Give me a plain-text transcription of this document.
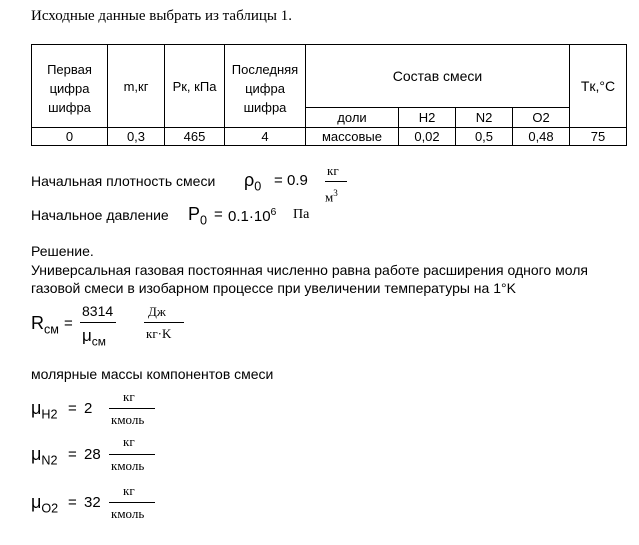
Исходные данные выбрать из таблицы 1.
Первая цифра шифра	m,кг	Pк, кПа	Последняя цифра шифра	Состав смеси				Tк,°C
				доли	H2	N2	O2	
0	0,3	465	4	массовые	0,02	0,5	0,48	75
Начальная плотность смеси $\rho_0 = 0.9$
кг
$м^3$
Начальное давление $P_0 = 0.1\cdot 10^6$ Па
Решение.
Универсальная газовая постоянная численно равна работе расширения одного моля
газовой смеси в изобарном процессе при увеличении температуры на 1°K
$R_{см}$ =
8314
$\mu_{см}$
Дж
кг·K
молярные массы компонентов смеси
$\mu_{H2} = 2$
кг
кмоль
$\mu_{N2} = 28$
кг
кмоль
$\mu_{O2} = 32$
кг
кмоль
